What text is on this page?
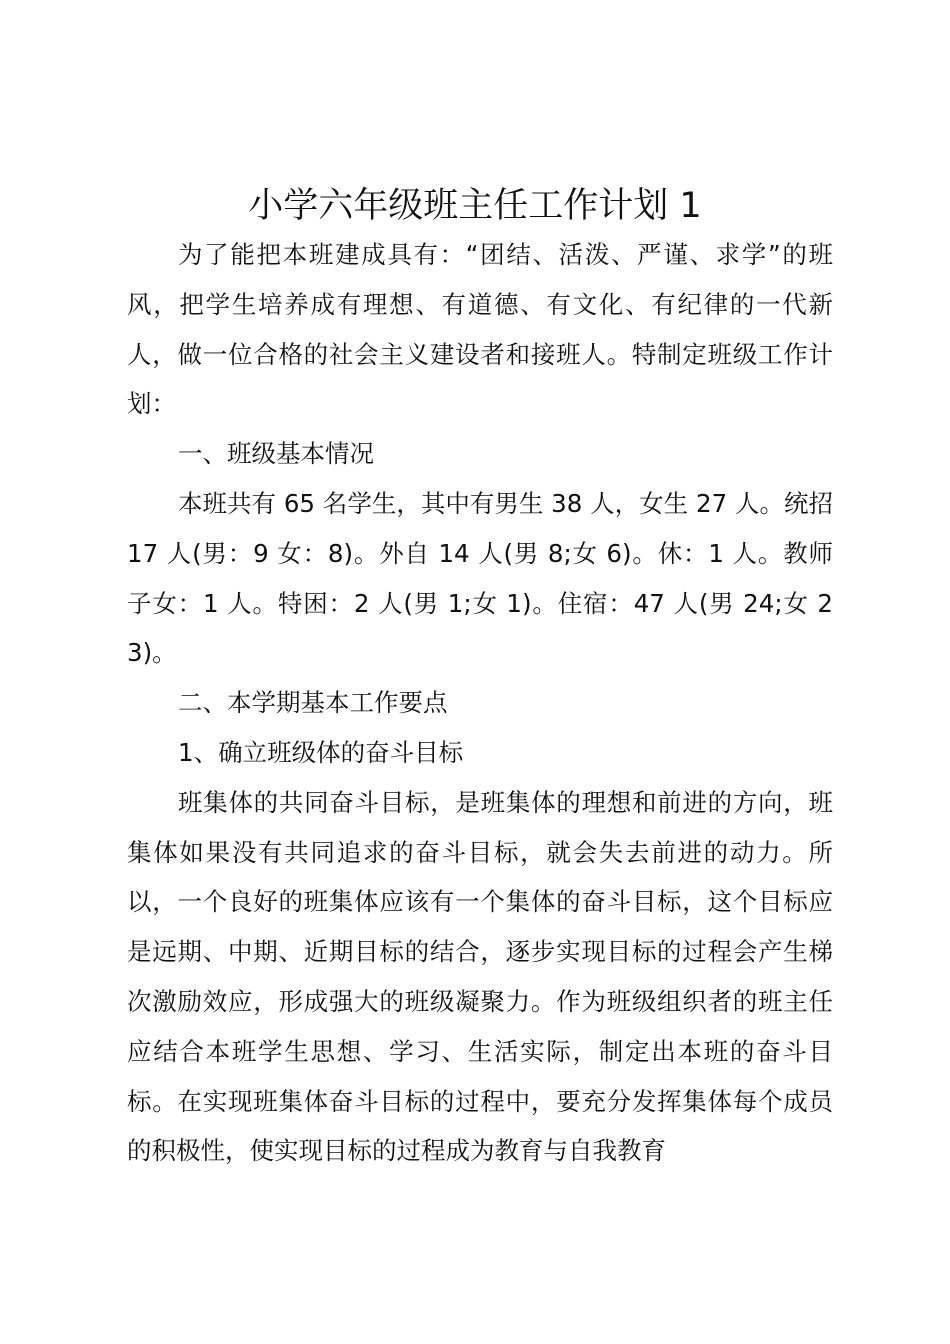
小学六年级班主任工作计划 1

为了能把本班建成具有：“团结、活泼、严谨、求学”的班风，把学生培养成有理想、有道德、有文化、有纪律的一代新人，做一位合格的社会主义建设者和接班人。特制定班级工作计划：

一、班级基本情况

本班共有 65 名学生，其中有男生 38 人，女生 27 人。统招 17 人(男：9 女：8)。外自 14 人(男 8;女 6)。休：1 人。教师子女：1 人。特困：2 人(男 1;女 1)。住宿：47 人(男 24;女 23)。

二、本学期基本工作要点

1、确立班级体的奋斗目标

班集体的共同奋斗目标，是班集体的理想和前进的方向，班集体如果没有共同追求的奋斗目标，就会失去前进的动力。所以，一个良好的班集体应该有一个集体的奋斗目标，这个目标应是远期、中期、近期目标的结合，逐步实现目标的过程会产生梯次激励效应，形成强大的班级凝聚力。作为班级组织者的班主任应结合本班学生思想、学习、生活实际，制定出本班的奋斗目标。在实现班集体奋斗目标的过程中，要充分发挥集体每个成员的积极性，使实现目标的过程成为教育与自我教育
